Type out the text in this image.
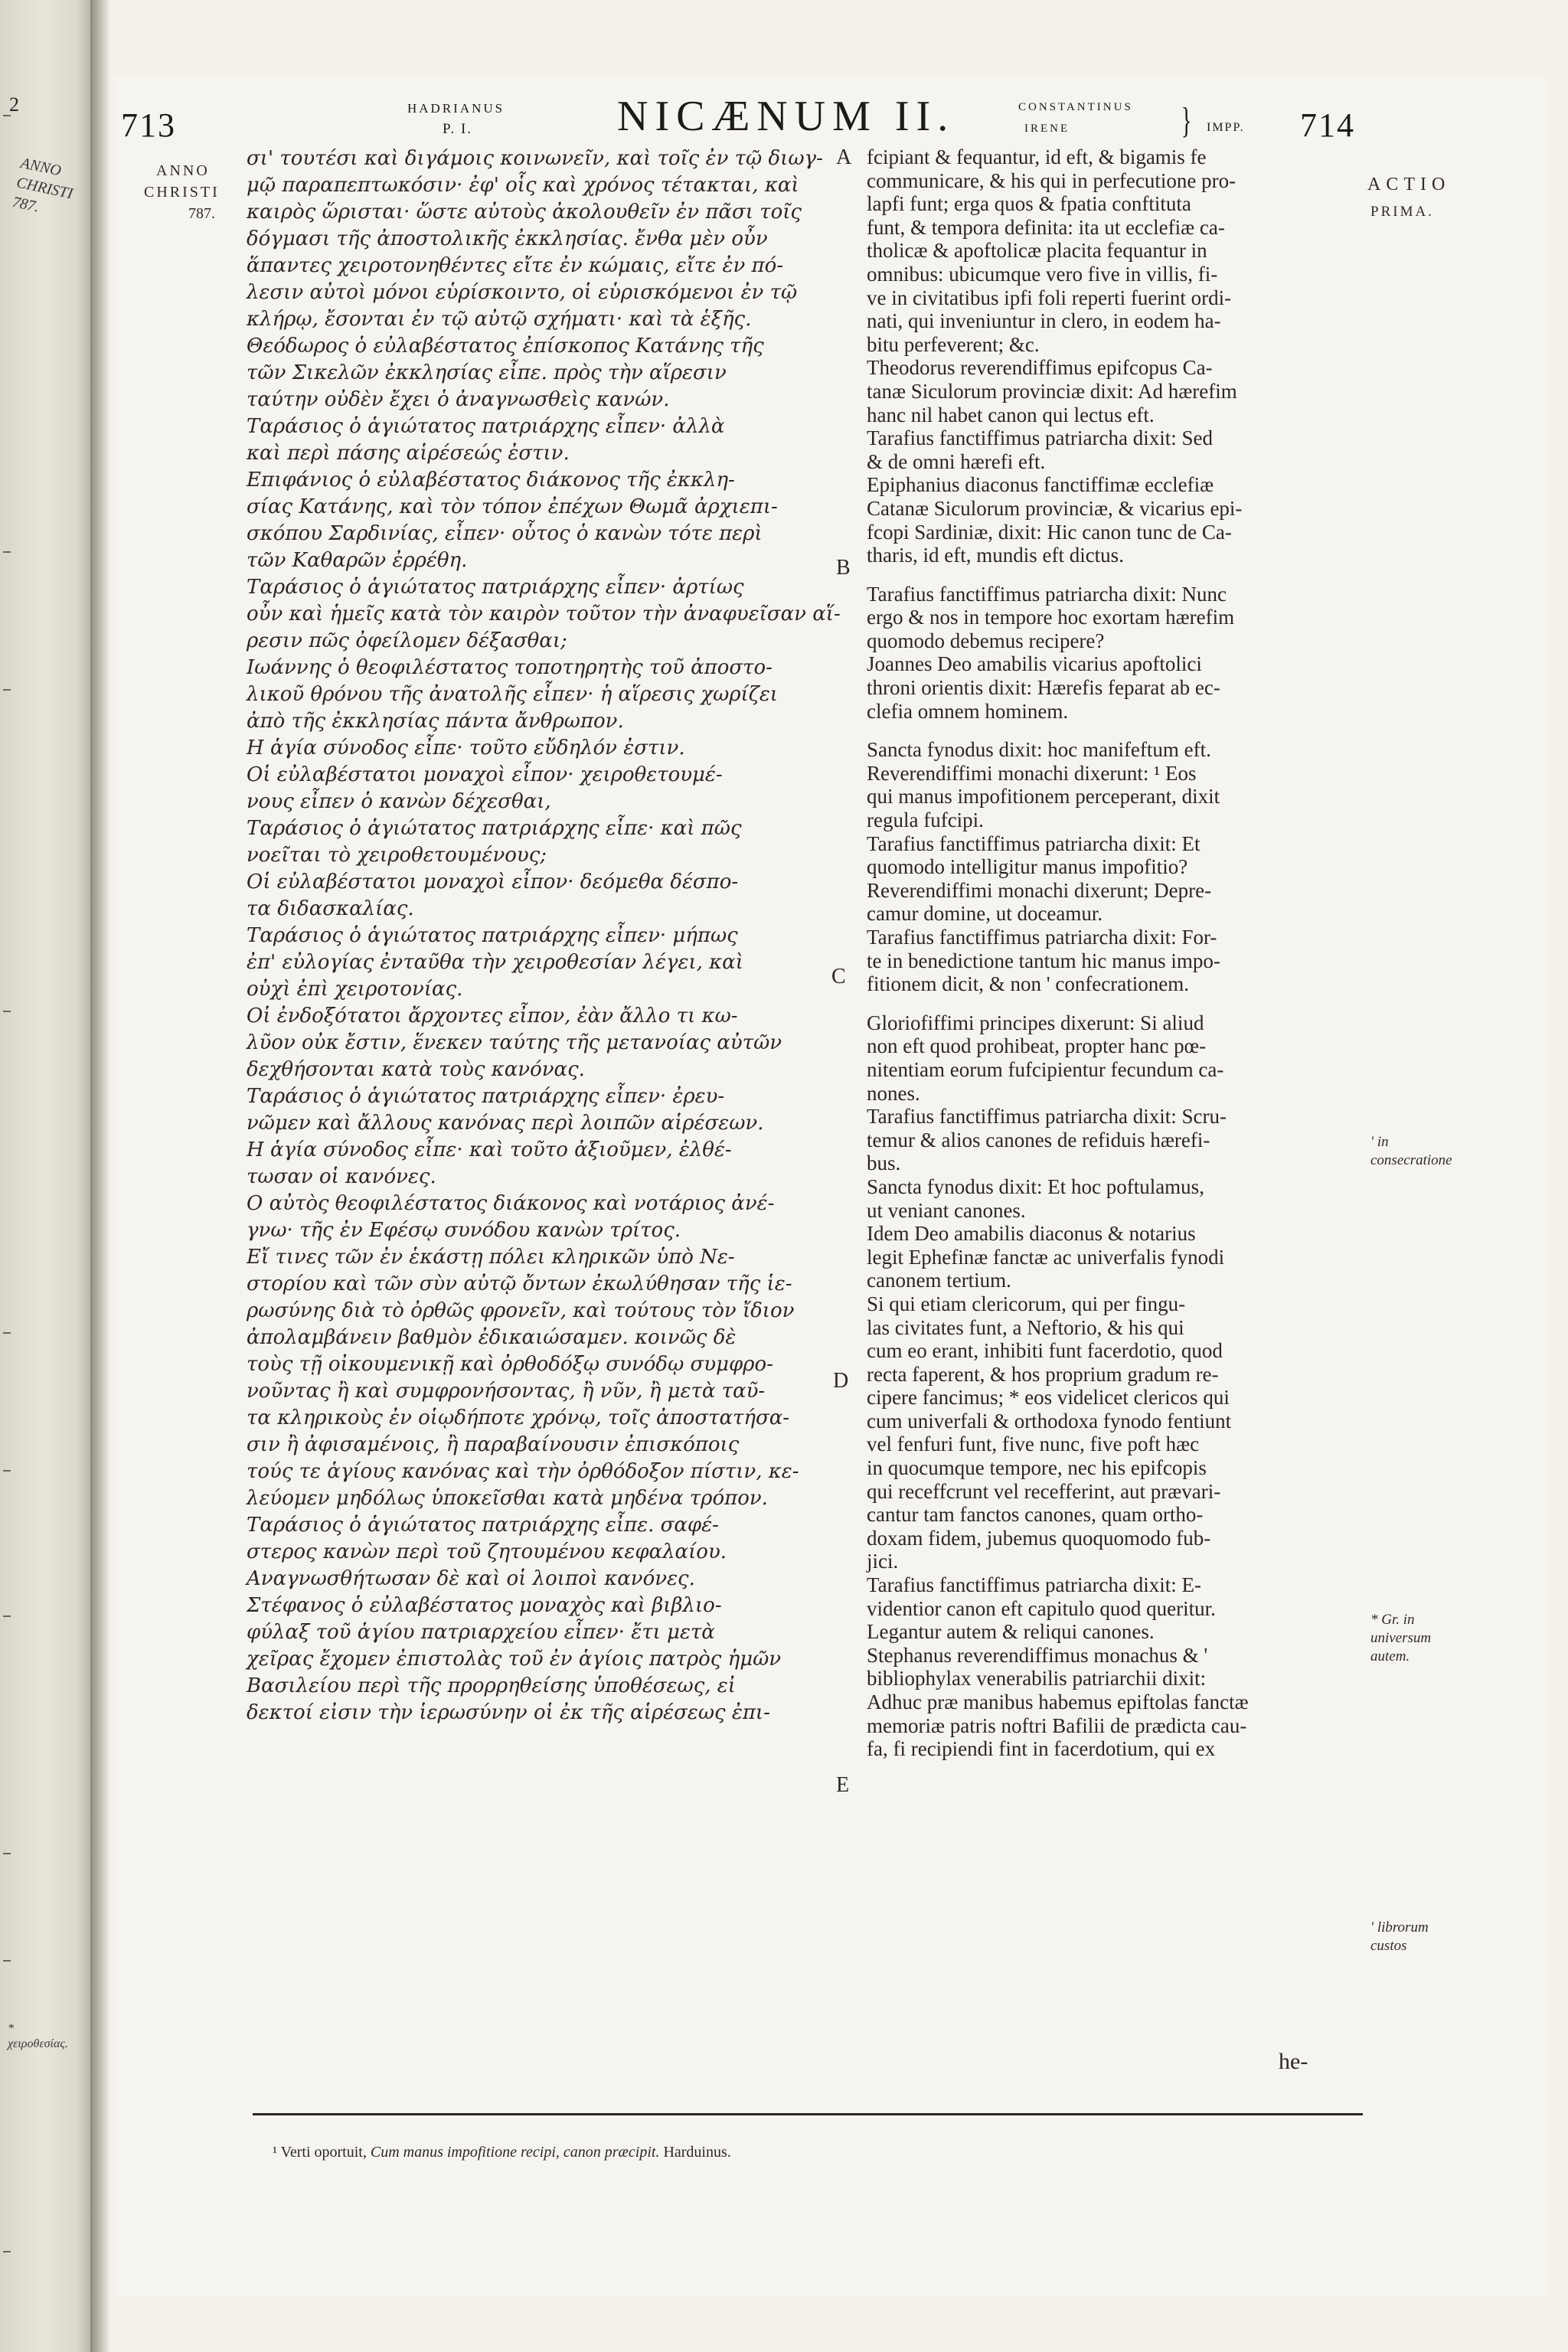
2
ANNO CHRISTI 787.
* χειροθεσίας.
713	HADRIANUS
P. I.	NICÆNUM II.	CONSTANTINUS
IRENE	} IMPP. 714
ANNO
CHRISTI
787.
ACTIO
PRIMA.
' in consecratione
* Gr. in universum autem.
' librorum custos
A
B
C
D
E
σι' τουτέσι καὶ διγάμοις κοινωνεῖν, καὶ τοῖς ἐν τῷ διωγ-
μῷ παραπεπτωκόσιν· ἐφ' οἷς καὶ χρόνος τέτακται, καὶ
καιρὸς ὥρισται· ὥστε αὐτοὺς ἀκολουθεῖν ἐν πᾶσι τοῖς
δόγμασι τῆς ἀποστολικῆς ἐκκλησίας. ἔνθα μὲν οὖν
ἅπαντες χειροτονηθέντες εἴτε ἐν κώμαις, εἴτε ἐν πό-
λεσιν αὐτοὶ μόνοι εὑρίσκοιντο, οἱ εὑρισκόμενοι ἐν τῷ
κλήρῳ, ἔσονται ἐν τῷ αὐτῷ σχήματι· καὶ τὰ ἑξῆς.
Θεόδωρος ὁ εὐλαβέστατος ἐπίσκοπος Κατάνης τῆς
τῶν Σικελῶν ἐκκλησίας εἶπε. πρὸς τὴν αἵρεσιν
ταύτην οὐδὲν ἔχει ὁ ἀναγνωσθεὶς κανών.
Ταράσιος ὁ ἁγιώτατος πατριάρχης εἶπεν· ἀλλὰ
καὶ περὶ πάσης αἱρέσεώς ἐστιν.
Επιφάνιος ὁ εὐλαβέστατος διάκονος τῆς ἐκκλη-
σίας Κατάνης, καὶ τὸν τόπον ἐπέχων Θωμᾶ ἀρχιεπι-
σκόπου Σαρδινίας, εἶπεν· οὗτος ὁ κανὼν τότε περὶ
τῶν Καθαρῶν ἐρρέθη.
Ταράσιος ὁ ἁγιώτατος πατριάρχης εἶπεν· ἀρτίως
οὖν καὶ ἡμεῖς κατὰ τὸν καιρὸν τοῦτον τὴν ἀναφυεῖσαν αἵ-
ρεσιν πῶς ὀφείλομεν δέξασθαι;
Ιωάννης ὁ θεοφιλέστατος τοποτηρητὴς τοῦ ἀποστο-
λικοῦ θρόνου τῆς ἀνατολῆς εἶπεν· ἡ αἵρεσις χωρίζει
ἀπὸ τῆς ἐκκλησίας πάντα ἄνθρωπον.
Η ἁγία σύνοδος εἶπε· τοῦτο εὔδηλόν ἐστιν.
Οἱ εὐλαβέστατοι μοναχοὶ εἶπον· χειροθετουμέ-
νους εἶπεν ὁ κανὼν δέχεσθαι,
Ταράσιος ὁ ἁγιώτατος πατριάρχης εἶπε· καὶ πῶς
νοεῖται τὸ χειροθετουμένους;
Οἱ εὐλαβέστατοι μοναχοὶ εἶπον· δεόμεθα δέσπο-
τα διδασκαλίας.
Ταράσιος ὁ ἁγιώτατος πατριάρχης εἶπεν· μήπως
ἐπ' εὐλογίας ἐνταῦθα τὴν χειροθεσίαν λέγει, καὶ
οὐχὶ ἐπὶ χειροτονίας.
Οἱ ἐνδοξότατοι ἄρχοντες εἶπον, ἐὰν ἄλλο τι κω-
λῦον οὐκ ἔστιν, ἕνεκεν ταύτης τῆς μετανοίας αὐτῶν
δεχθήσονται κατὰ τοὺς κανόνας.
Ταράσιος ὁ ἁγιώτατος πατριάρχης εἶπεν· ἐρευ-
νῶμεν καὶ ἄλλους κανόνας περὶ λοιπῶν αἱρέσεων.
Η ἁγία σύνοδος εἶπε· καὶ τοῦτο ἀξιοῦμεν, ἐλθέ-
τωσαν οἱ κανόνες.
Ο αὐτὸς θεοφιλέστατος διάκονος καὶ νοτάριος ἀνέ-
γνω· τῆς ἐν Εφέσῳ συνόδου κανὼν τρίτος.
Εἴ τινες τῶν ἐν ἑκάστῃ πόλει κληρικῶν ὑπὸ Νε-
στορίου καὶ τῶν σὺν αὐτῷ ὄντων ἐκωλύθησαν τῆς ἱε-
ρωσύνης διὰ τὸ ὀρθῶς φρονεῖν, καὶ τούτους τὸν ἴδιον
ἀπολαμβάνειν βαθμὸν ἐδικαιώσαμεν. κοινῶς δὲ
τοὺς τῇ οἰκουμενικῇ καὶ ὀρθοδόξῳ συνόδῳ συμφρο-
νοῦντας ἢ καὶ συμφρονήσοντας, ἢ νῦν, ἢ μετὰ ταῦ-
τα κληρικοὺς ἐν οἱῳδήποτε χρόνῳ, τοῖς ἀποστατήσα-
σιν ἢ ἀφισαμένοις, ἢ παραβαίνουσιν ἐπισκόποις
τούς τε ἁγίους κανόνας καὶ τὴν ὀρθόδοξον πίστιν, κε-
λεύομεν μηδόλως ὑποκεῖσθαι κατὰ μηδένα τρόπον.
Ταράσιος ὁ ἁγιώτατος πατριάρχης εἶπε. σαφέ-
στερος κανὼν περὶ τοῦ ζητουμένου κεφαλαίου.
Αναγνωσθήτωσαν δὲ καὶ οἱ λοιποὶ κανόνες.
Στέφανος ὁ εὐλαβέστατος μοναχὸς καὶ βιβλιο-
φύλαξ τοῦ ἁγίου πατριαρχείου εἶπεν· ἔτι μετὰ
χεῖρας ἔχομεν ἐπιστολὰς τοῦ ἐν ἁγίοις πατρὸς ἡμῶν
Βασιλείου περὶ τῆς προρρηθείσης ὑποθέσεως, εἰ
δεκτοί εἰσιν τὴν ἱερωσύνην οἱ ἐκ τῆς αἱρέσεως ἐπι-
fcipiant & fequantur, id eft, & bigamis fe
communicare, & his qui in perfecutione pro-
lapfi funt; erga quos & fpatia conftituta
funt, & tempora definita: ita ut ecclefiæ ca-
tholicæ & apoftolicæ placita fequantur in
omnibus: ubicumque vero five in villis, fi-
ve in civitatibus ipfi foli reperti fuerint ordi-
nati, qui inveniuntur in clero, in eodem ha-
bitu perfeverent; &c.
Theodorus reverendiffimus epifcopus Ca-
tanæ Siculorum provinciæ dixit: Ad hærefim
hanc nil habet canon qui lectus eft.
Tarafius fanctiffimus patriarcha dixit: Sed
& de omni hærefi eft.
Epiphanius diaconus fanctiffimæ ecclefiæ
Catanæ Siculorum provinciæ, & vicarius epi-
fcopi Sardiniæ, dixit: Hic canon tunc de Ca-
tharis, id eft, mundis eft dictus.
Tarafius fanctiffimus patriarcha dixit: Nunc
ergo & nos in tempore hoc exortam hærefim
quomodo debemus recipere?
Joannes Deo amabilis vicarius apoftolici
throni orientis dixit: Hærefis feparat ab ec-
clefia omnem hominem.
Sancta fynodus dixit: hoc manifeftum eft.
Reverendiffimi monachi dixerunt: ¹ Eos
qui manus impofitionem perceperant, dixit
regula fufcipi.
Tarafius fanctiffimus patriarcha dixit: Et
quomodo intelligitur manus impofitio?
Reverendiffimi monachi dixerunt; Depre-
camur domine, ut doceamur.
Tarafius fanctiffimus patriarcha dixit: For-
te in benedictione tantum hic manus impo-
fitionem dicit, & non ' confecrationem.
Gloriofiffimi principes dixerunt: Si aliud
non eft quod prohibeat, propter hanc pœ-
nitentiam eorum fufcipientur fecundum ca-
nones.
Tarafius fanctiffimus patriarcha dixit: Scru-
temur & alios canones de refiduis hærefi-
bus.
Sancta fynodus dixit: Et hoc poftulamus,
ut veniant canones.
Idem Deo amabilis diaconus & notarius
legit Ephefinæ fanctæ ac univerfalis fynodi
canonem tertium.
Si qui etiam clericorum, qui per fingu-
las civitates funt, a Neftorio, & his qui
cum eo erant, inhibiti funt facerdotio, quod
recta faperent, & hos proprium gradum re-
cipere fancimus; * eos videlicet clericos qui
cum univerfali & orthodoxa fynodo fentiunt
vel fenfuri funt, five nunc, five poft hæc
in quocumque tempore, nec his epifcopis
qui receffcrunt vel recefferint, aut prævari-
cantur tam fanctos canones, quam ortho-
doxam fidem, jubemus quoquomodo fub-
jici.
Tarafius fanctiffimus patriarcha dixit: E-
videntior canon eft capitulo quod queritur.
Legantur autem & reliqui canones.
Stephanus reverendiffimus monachus & '
bibliophylax venerabilis patriarchii dixit:
Adhuc præ manibus habemus epiftolas fanctæ
memoriæ patris noftri Bafilii de prædicta cau-
fa, fi recipiendi fint in facerdotium, qui ex
he-
¹ Verti oportuit, Cum manus impofitione recipi, canon præcipit. Harduinus.
